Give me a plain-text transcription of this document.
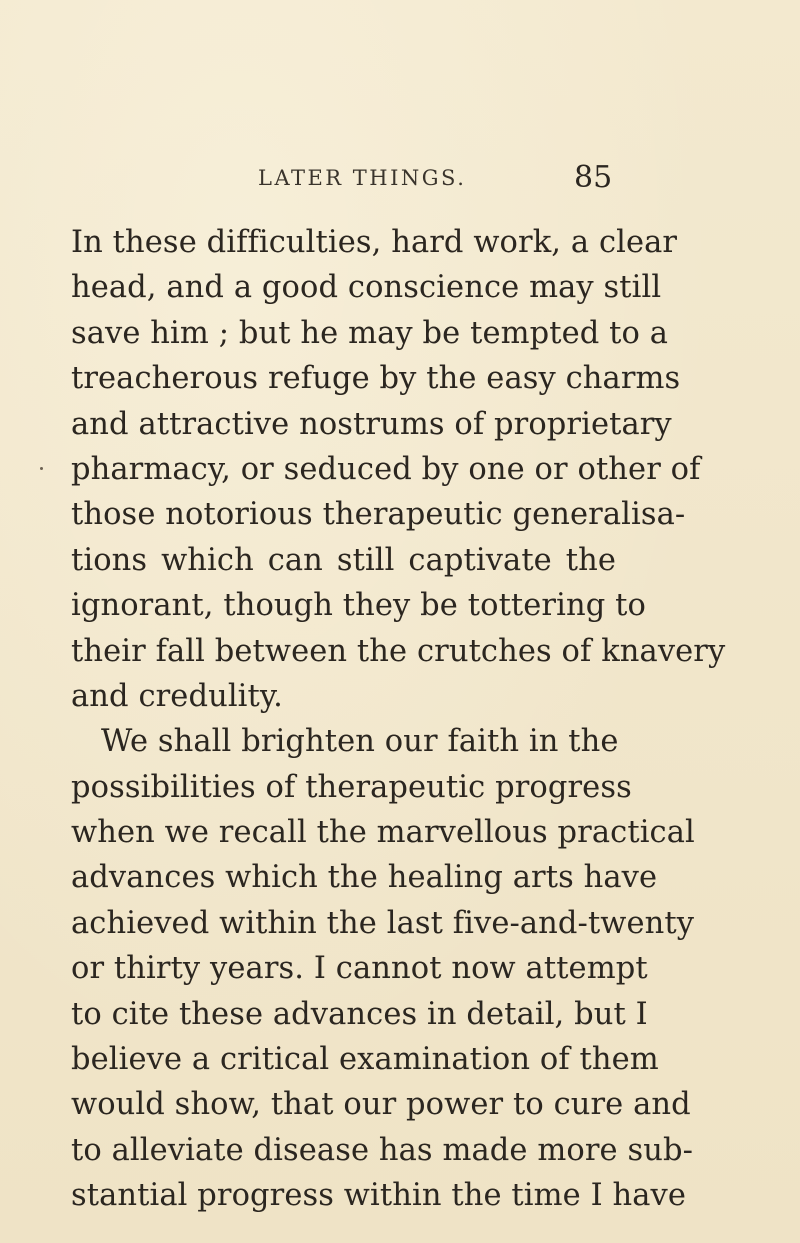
LATER THINGS.	85
In these difficulties, hard work, a clear
head, and a good conscience may still
save him ; but he may be tempted to a
treacherous refuge by the easy charms
and attractive nostrums of proprietary
pharmacy, or seduced by one or other of
those notorious therapeutic generalisa-
tions which can still captivate the
ignorant, though they be tottering to
their fall between the crutches of knavery
and credulity.
We shall brighten our faith in the
possibilities of therapeutic progress
when we recall the marvellous practical
advances which the healing arts have
achieved within the last five-and-twenty
or thirty years. I cannot now attempt
to cite these advances in detail, but I
believe a critical examination of them
would show, that our power to cure and
to alleviate disease has made more sub-
stantial progress within the time I have
